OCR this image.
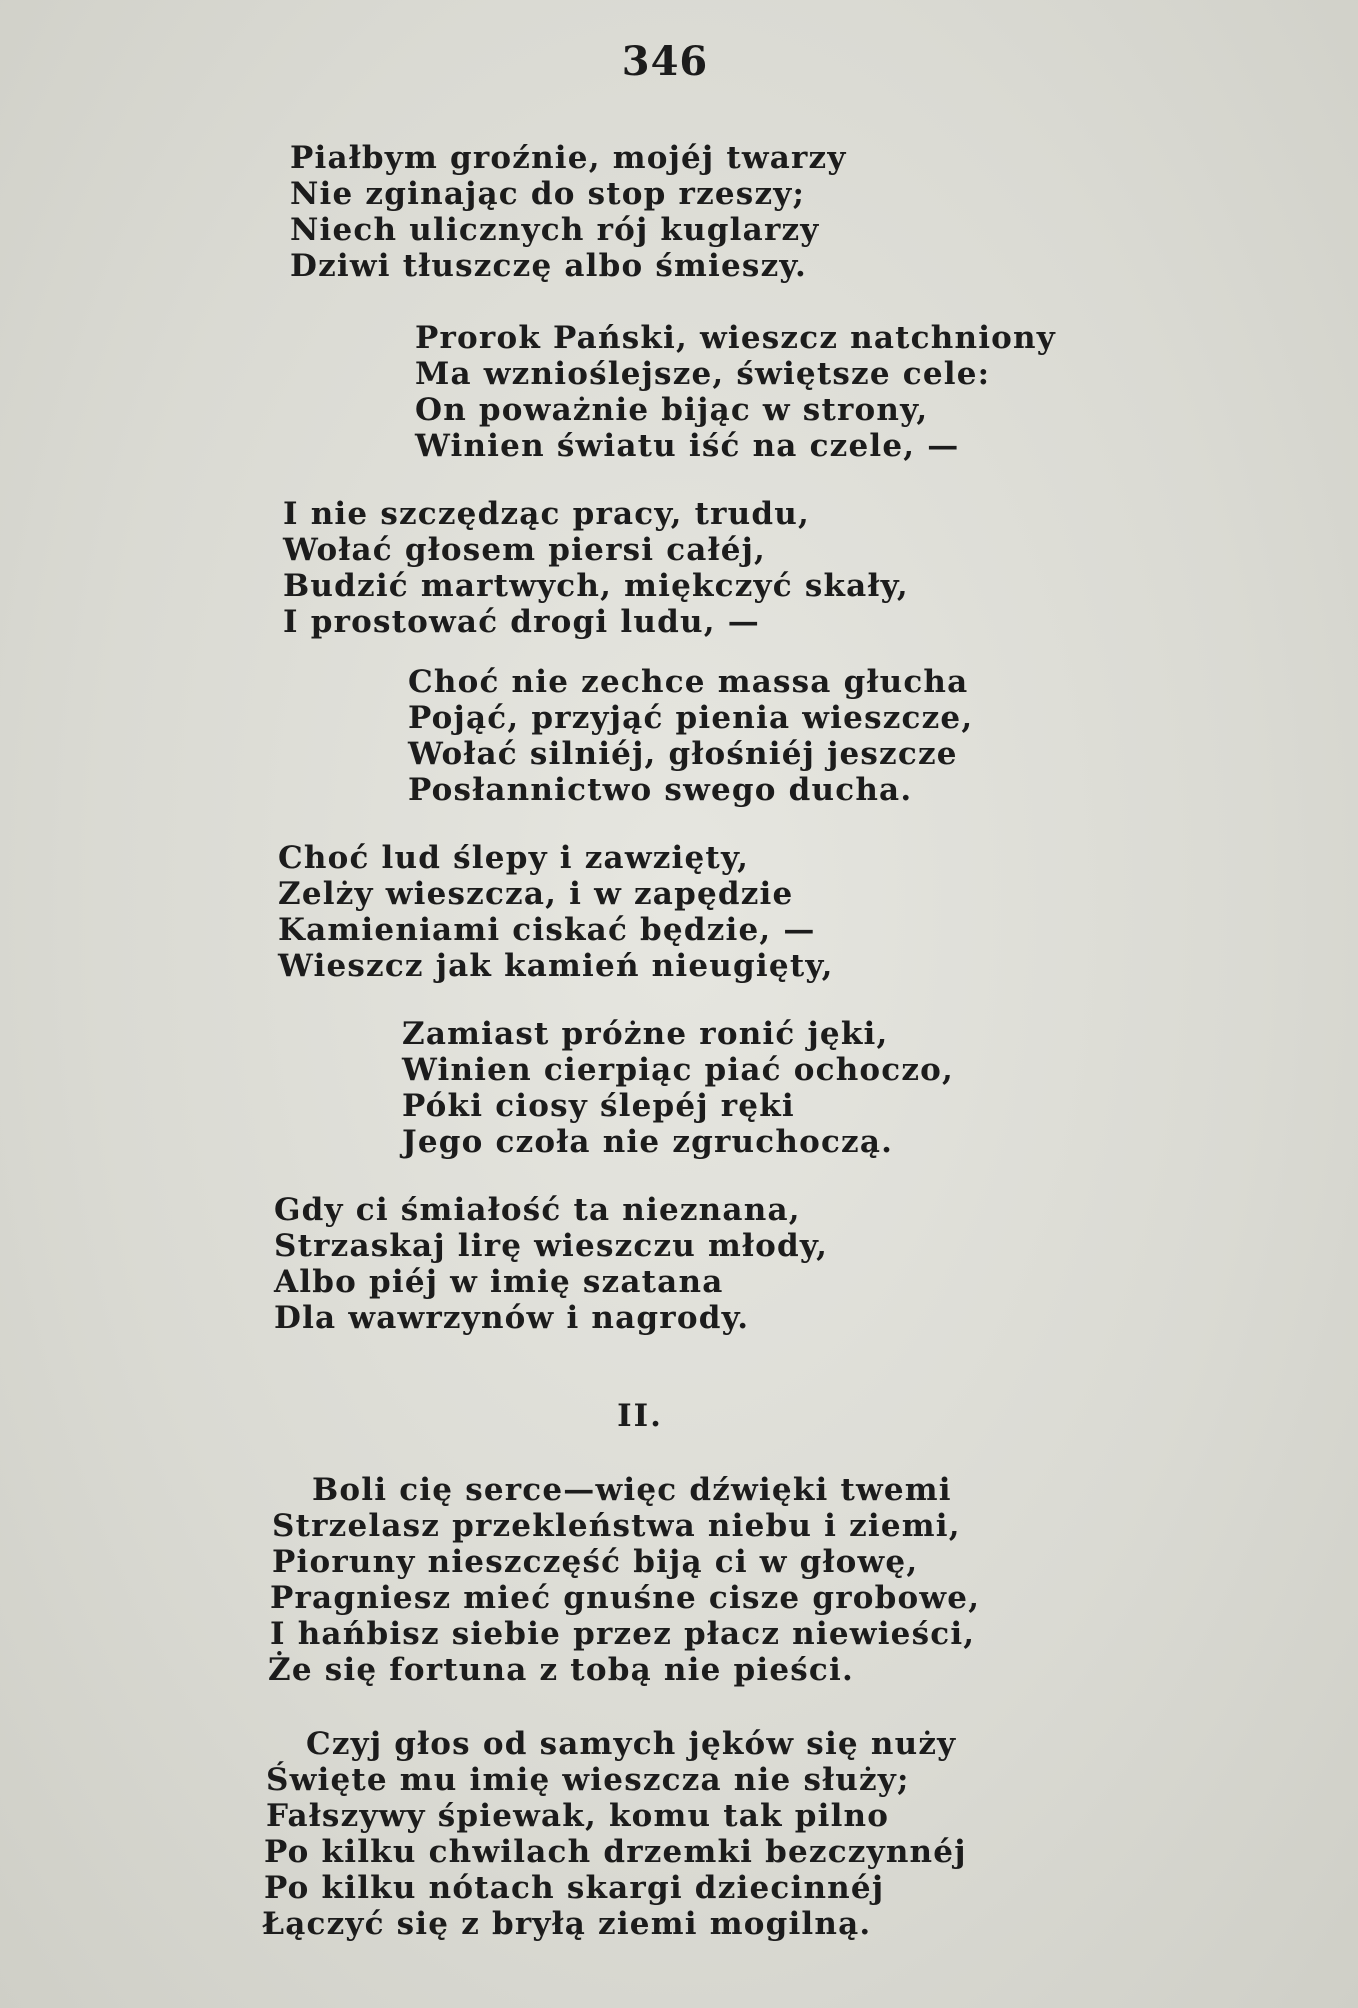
346
Piałbym groźnie, mojéj twarzy
Nie zginając do stop rzeszy;
Niech ulicznych rój kuglarzy
Dziwi tłuszczę albo śmieszy.
Prorok Pański, wieszcz natchniony
Ma wznioślejsze, świętsze cele:
On poważnie bijąc w strony,
Winien światu iść na czele, —
I nie szczędząc pracy, trudu,
Wołać głosem piersi całéj,
Budzić martwych, miękczyć skały,
I prostować drogi ludu, —
Choć nie zechce massa głucha
Pojąć, przyjąć pienia wieszcze,
Wołać silniéj, głośniéj jeszcze
Posłannictwo swego ducha.
Choć lud ślepy i zawzięty,
Zelży wieszcza, i w zapędzie
Kamieniami ciskać będzie, —
Wieszcz jak kamień nieugięty,
Zamiast próżne ronić jęki,
Winien cierpiąc piać ochoczo,
Póki ciosy ślepéj ręki
Jego czoła nie zgruchoczą.
Gdy ci śmiałość ta nieznana,
Strzaskaj lirę wieszczu młody,
Albo piéj w imię szatana
Dla wawrzynów i nagrody.
II.
Boli cię serce—więc dźwięki twemi
Strzelasz przekleństwa niebu i ziemi,
Pioruny nieszczęść biją ci w głowę,
Pragniesz mieć gnuśne cisze grobowe,
I hańbisz siebie przez płacz niewieści,
Że się fortuna z tobą nie pieści.
Czyj głos od samych jęków się nuży
Święte mu imię wieszcza nie służy;
Fałszywy śpiewak, komu tak pilno
Po kilku chwilach drzemki bezczynnéj
Po kilku nótach skargi dziecinnéj
Łączyć się z bryłą ziemi mogilną.
